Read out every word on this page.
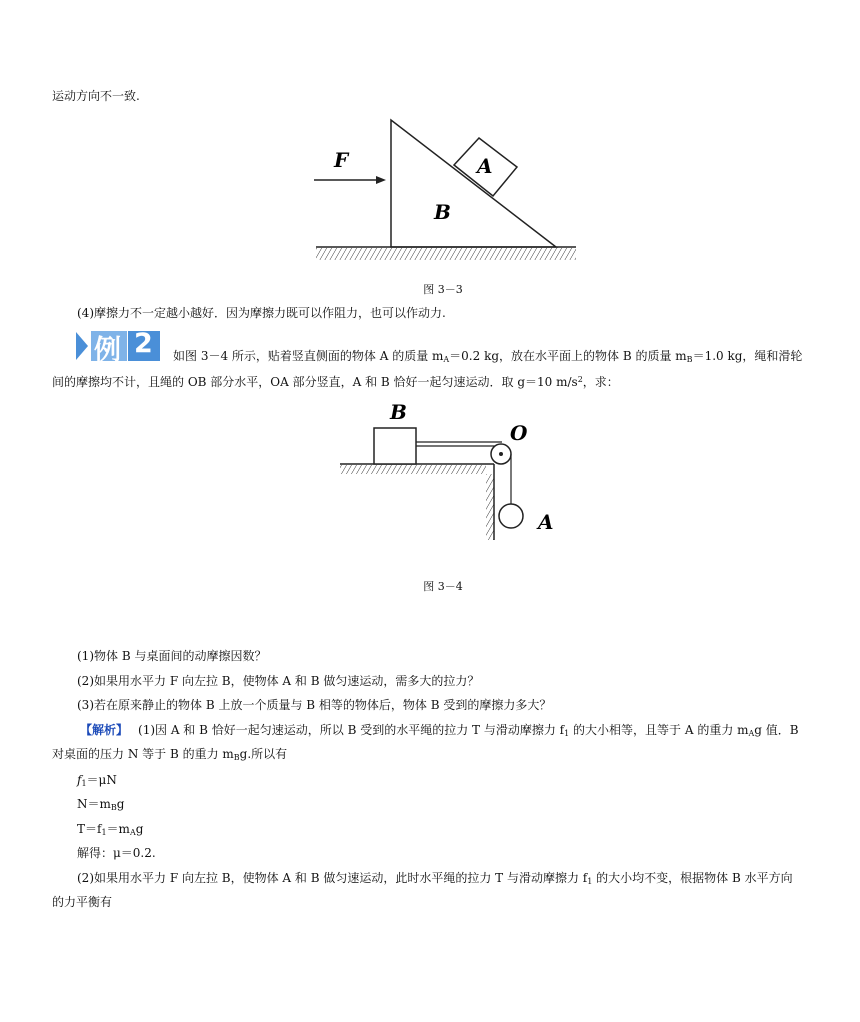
运动方向不一致.
F	A
B
图 3－3
(4)摩擦力不一定越小越好．因为摩擦力既可以作阻力，也可以作动力.
例 2 如图 3－4 所示，贴着竖直侧面的物体 A 的质量 $m_A=0.2$ kg，放在水平面上的物体 B 的质量 $m_B=1.0$ kg，绳和滑轮
间的摩擦均不计，且绳的 OB 部分水平，OA 部分竖直，A 和 B 恰好一起匀速运动．取 g＝10 $m/s^2$，求：
B
O
A
图 3－4
(1)物体 B 与桌面间的动摩擦因数？
(2)如果用水平力 F 向左拉 B，使物体 A 和 B 做匀速运动，需多大的拉力？
(3)若在原来静止的物体 B 上放一个质量与 B 相等的物体后，物体 B 受到的摩擦力多大？
【解析】 (1)因 A 和 B 恰好一起匀速运动，所以 B 受到的水平绳的拉力 T 与滑动摩擦力 $f_1$ 的大小相等，且等于 A 的重力 $m_Ag$ 值．B
对桌面的压力 N 等于 B 的重力 $m_Bg$.所以有
$f_1=\mu N$
$N=m_Bg$
$T=f_1=m_Ag$
解得：μ＝0.2.
(2)如果用水平力 F 向左拉 B，使物体 A 和 B 做匀速运动，此时水平绳的拉力 T 与滑动摩擦力 $f_1$ 的大小均不变，根据物体 B 水平方向
的力平衡有
